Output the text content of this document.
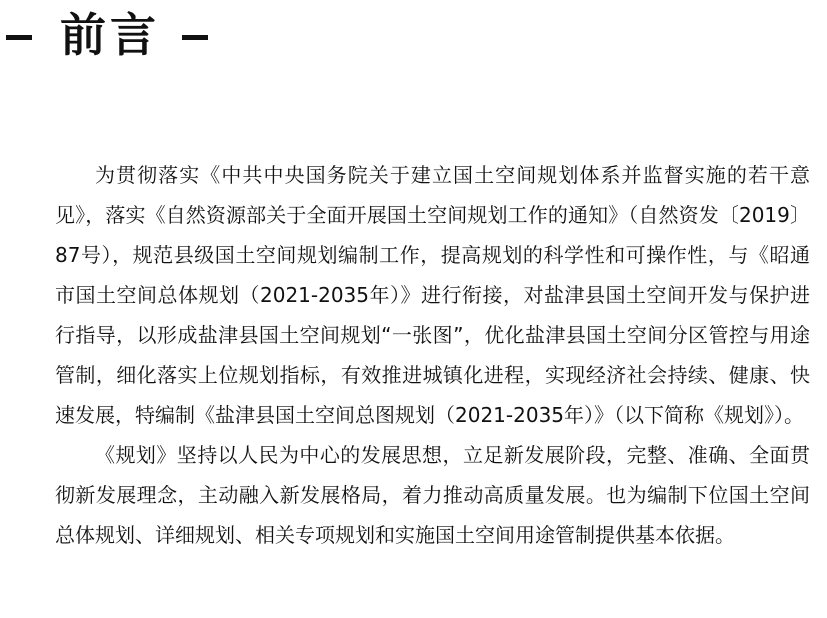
前言

为贯彻落实《中共中央国务院关于建立国土空间规划体系并监督实施的若干意见》，落实《自然资源部关于全面开展国土空间规划工作的通知》（自然资发〔2019〕87号），规范县级国土空间规划编制工作，提高规划的科学性和可操作性，与《昭通市国土空间总体规划（2021-2035年）》进行衔接，对盐津县国土空间开发与保护进行指导，以形成盐津县国土空间规划“一张图”，优化盐津县国土空间分区管控与用途管制，细化落实上位规划指标，有效推进城镇化进程，实现经济社会持续、健康、快速发展，特编制《盐津县国土空间总图规划（2021-2035年）》（以下简称《规划》）。

《规划》坚持以人民为中心的发展思想，立足新发展阶段，完整、准确、全面贯彻新发展理念，主动融入新发展格局，着力推动高质量发展。也为编制下位国土空间总体规划、详细规划、相关专项规划和实施国土空间用途管制提供基本依据。
